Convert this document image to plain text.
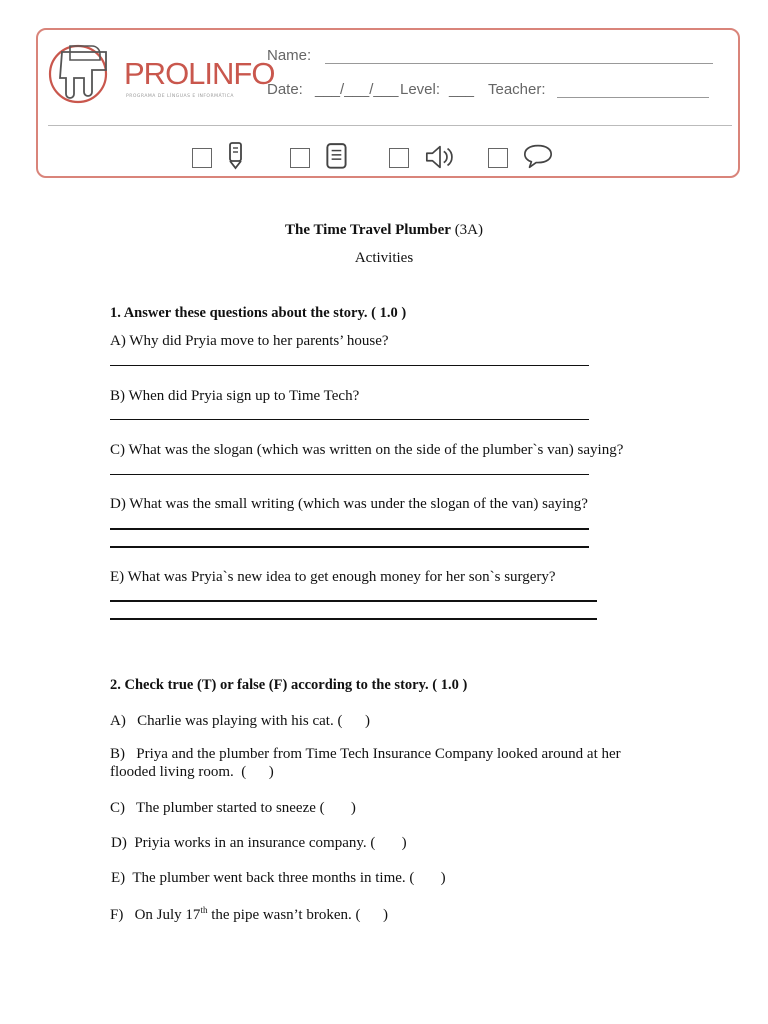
PROLINFO
PROGRAMA DE LÍNGUAS E INFORMÁTICA
Name:
Date: ___/___/___ Level: ___ Teacher:
The Time Travel Plumber (3A)
Activities
1. Answer these questions about the story. ( 1.0 )
A) Why did Pryia move to her parents’ house?
B) When did Pryia sign up to Time Tech?
C) What was the slogan (which was written on the side of the plumber`s van) saying?
D) What was the small writing (which was under the slogan of the van) saying?
E) What was Pryia`s new idea to get enough money for her son`s surgery?
2. Check true (T) or false (F) according to the story. ( 1.0 )
A)   Charlie was playing with his cat. (      )
B)   Priya and the plumber from Time Tech Insurance Company looked around at her
flooded living room.  (      )
C)   The plumber started to sneeze (       )
D)  Priyia works in an insurance company. (       )
E)  The plumber went back three months in time. (       )
F)   On July 17th the pipe wasn’t broken. (      )
